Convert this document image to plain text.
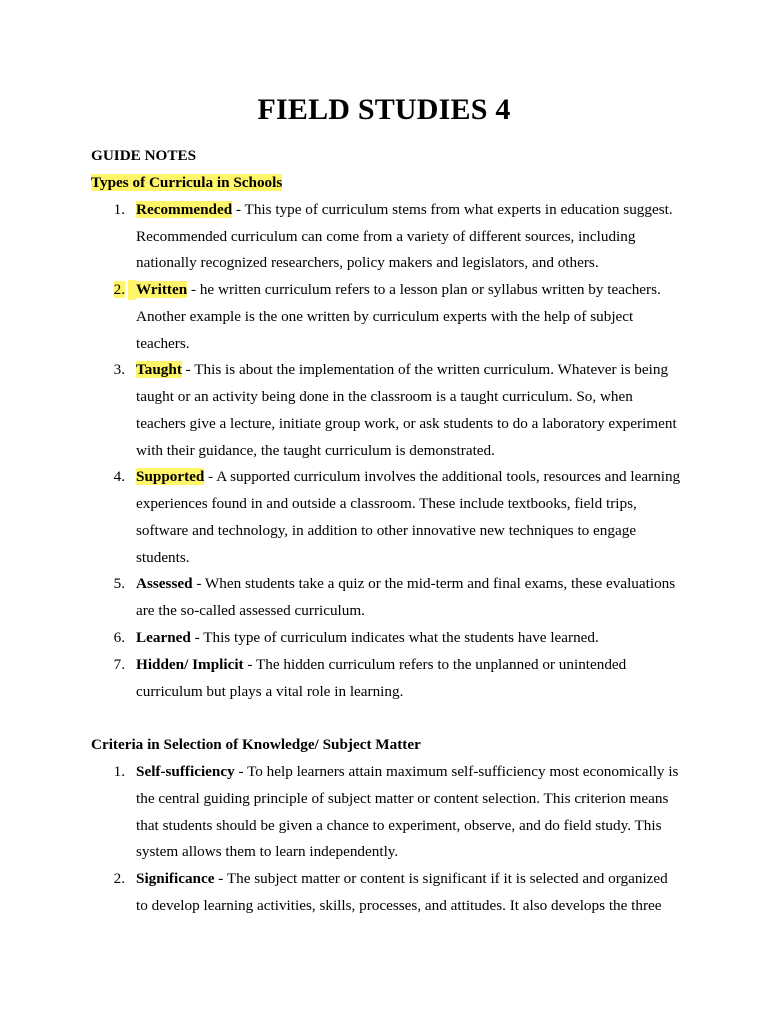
FIELD STUDIES 4
GUIDE NOTES
Types of Curricula in Schools
1. Recommended - This type of curriculum stems from what experts in education suggest.
Recommended curriculum can come from a variety of different sources, including
nationally recognized researchers, policy makers and legislators, and others.
2. Written - he written curriculum refers to a lesson plan or syllabus written by teachers.
Another example is the one written by curriculum experts with the help of subject
teachers.
3. Taught - This is about the implementation of the written curriculum. Whatever is being
taught or an activity being done in the classroom is a taught curriculum. So, when
teachers give a lecture, initiate group work, or ask students to do a laboratory experiment
with their guidance, the taught curriculum is demonstrated.
4. Supported - A supported curriculum involves the additional tools, resources and learning
experiences found in and outside a classroom. These include textbooks, field trips,
software and technology, in addition to other innovative new techniques to engage
students.
5. Assessed - When students take a quiz or the mid-term and final exams, these evaluations
are the so-called assessed curriculum.
6. Learned - This type of curriculum indicates what the students have learned.
7. Hidden/ Implicit - The hidden curriculum refers to the unplanned or unintended
curriculum but plays a vital role in learning.
Criteria in Selection of Knowledge/ Subject Matter
1. Self-sufficiency - To help learners attain maximum self-sufficiency most economically is
the central guiding principle of subject matter or content selection. This criterion means
that students should be given a chance to experiment, observe, and do field study. This
system allows them to learn independently.
2. Significance - The subject matter or content is significant if it is selected and organized
to develop learning activities, skills, processes, and attitudes. It also develops the three
